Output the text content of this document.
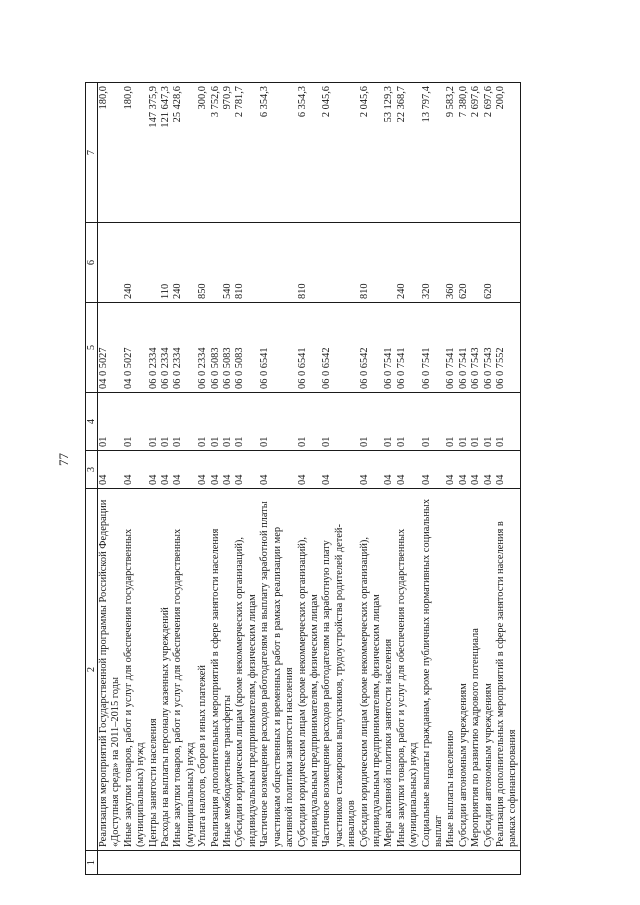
77
1	2	3	4	5	6	7
	Реализация мероприятий Государственной программы Российской Федерации «Доступная среда» на 2011–2015 годы	04	01	04 0 5027		180,0
	Иные закупки товаров, работ и услуг для обеспечения государственных (муниципальных) нужд	04	01	04 0 5027	240	180,0
	Центры занятости населения	04	01	06 0 2334		147 375,9
	Расходы на выплаты персоналу казенных учреждений	04	01	06 0 2334	110	121 647,3
	Иные закупки товаров, работ и услуг для обеспечения государственных (муниципальных) нужд	04	01	06 0 2334	240	25 428,6
	Уплата налогов, сборов и иных платежей	04	01	06 0 2334	850	300,0
	Реализация дополнительных мероприятий в сфере занятости населения	04	01	06 0 5083		3 752,6
	Иные межбюджетные трансферты	04	01	06 0 5083	540	970,9
	Субсидии юридическим лицам (кроме некоммерческих организаций), индивидуальным предпринимателям, физическим лицам	04	01	06 0 5083	810	2 781,7
	Частичное возмещение расходов работодателям на выплату заработной платы участникам общественных и временных работ в рамках реализации мер активной политики занятости населения	04	01	06 0 6541		6 354,3
	Субсидии юридическим лицам (кроме некоммерческих организаций), индивидуальным предпринимателям, физическим лицам	04	01	06 0 6541	810	6 354,3
	Частичное возмещение расходов работодателям на заработную плату участников стажировки выпускников, трудоустройства родителей детей-инвалидов	04	01	06 0 6542		2 045,6
	Субсидии юридическим лицам (кроме некоммерческих организаций), индивидуальным предпринимателям, физическим лицам	04	01	06 0 6542	810	2 045,6
	Меры активной политики занятости населения	04	01	06 0 7541		53 129,3
	Иные закупки товаров, работ и услуг для обеспечения государственных (муниципальных) нужд	04	01	06 0 7541	240	22 368,7
	Социальные выплаты гражданам, кроме публичных нормативных социальных выплат	04	01	06 0 7541	320	13 797,4
	Иные выплаты населению	04	01	06 0 7541	360	9 583,2
	Субсидии автономным учреждениям	04	01	06 0 7541	620	7 380,0
	Мероприятия по развитию кадрового потенциала	04	01	06 0 7543		2 697,6
	Субсидии автономным учреждениям	04	01	06 0 7543	620	2 697,6
	Реализация дополнительных мероприятий в сфере занятости населения в рамках софинансирования	04	01	06 0 7552		200,0
